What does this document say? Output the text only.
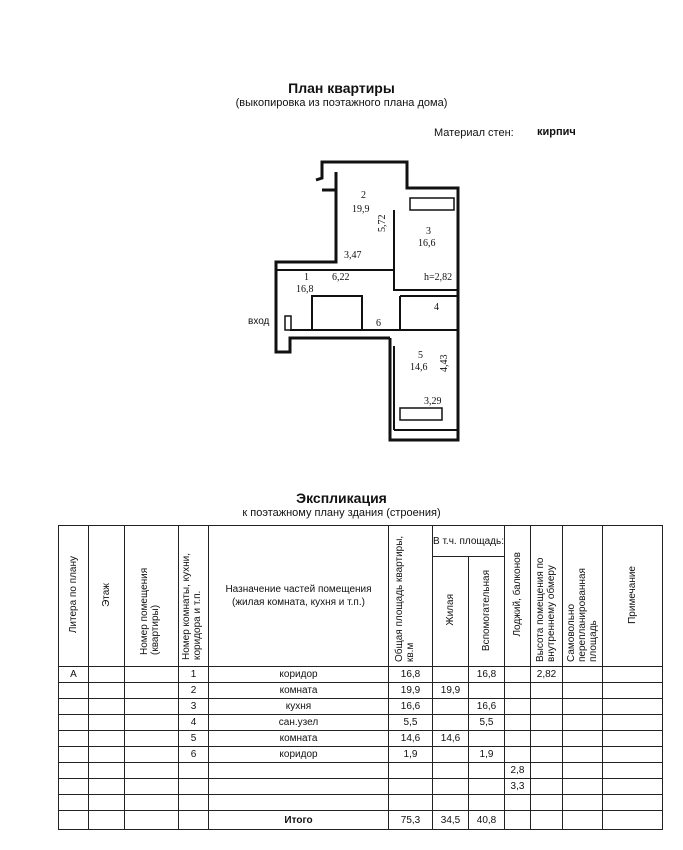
План квартиры
(выкопировка из поэтажного плана дома)
Материал стен: кирпич
2
19,9
3
16,6
1
16,8
4
6
5
14,6
5,72
3,47
6,22	h=2,82
4,43
3,29
вход
Экспликация
к поэтажному плану здания (строения)
Литера по плану	Этаж	Номер помещения (квартиры)	Номер комнаты, кухни, коридора и т.п.	Назначение частей помещения (жилая комната, кухня и т.п.)	Общая площадь квартиры, кв.м	В т.ч. площадь:		Лоджий, балконов	Высота помещения по внутреннему обмеру	Самовольно перепланированная площадь	Примечание
						Жилая	Вспомогательная				
А			1	коридор	16,8		16,8		2,82		
			2	комната	19,9	19,9					
			3	кухня	16,6		16,6				
			4	сан.узел	5,5		5,5				
			5	комната	14,6	14,6					
			6	коридор	1,9		1,9				
								2,8			
								3,3			

				Итого	75,3	34,5	40,8				
